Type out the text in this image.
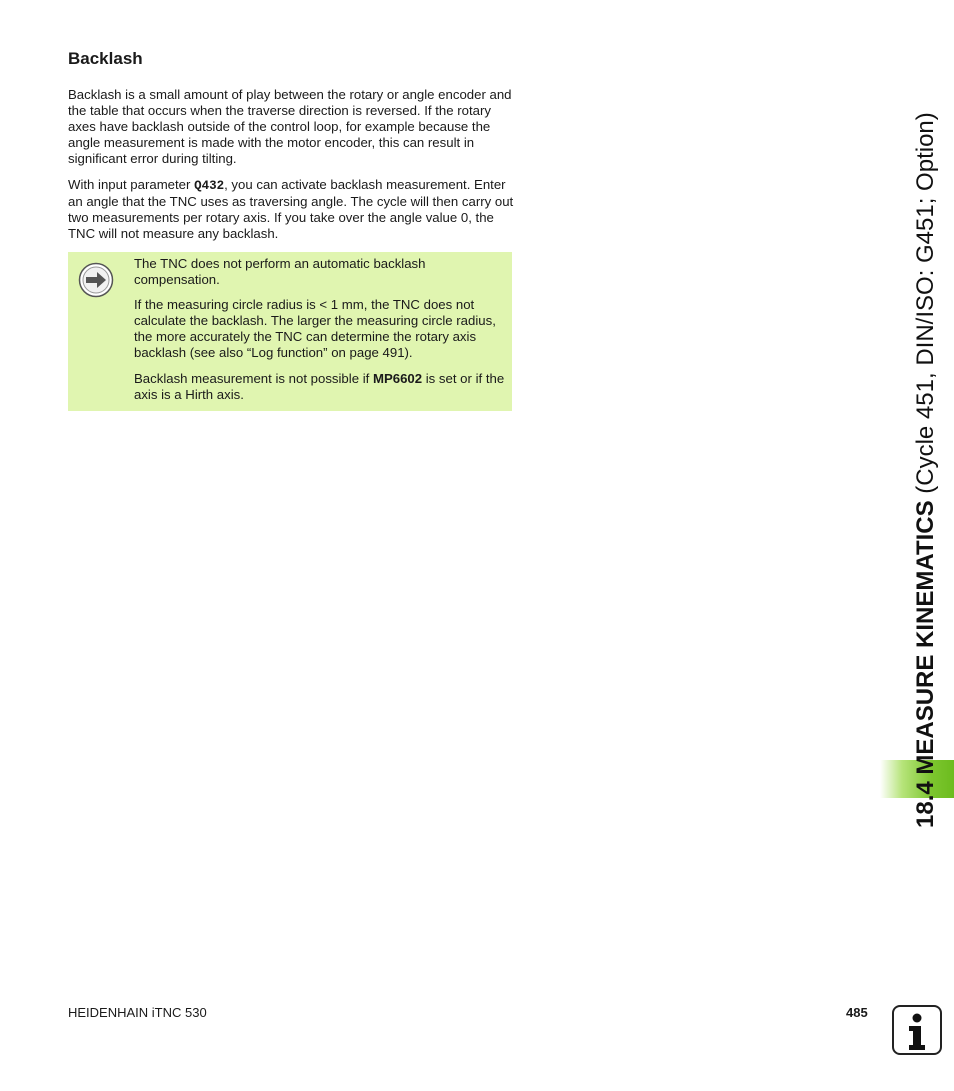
Backlash

Backlash is a small amount of play between the rotary or angle encoder and the table that occurs when the traverse direction is reversed. If the rotary axes have backlash outside of the control loop, for example because the angle measurement is made with the motor encoder, this can result in significant error during tilting.

With input parameter Q432, you can activate backlash measurement. Enter an angle that the TNC uses as traversing angle. The cycle will then carry out two measurements per rotary axis. If you take over the angle value 0, the TNC will not measure any backlash.

The TNC does not perform an automatic backlash compensation.

If the measuring circle radius is < 1 mm, the TNC does not calculate the backlash. The larger the measuring circle radius, the more accurately the TNC can determine the rotary axis backlash (see also “Log function” on page 491).

Backlash measurement is not possible if MP6602 is set or if the axis is a Hirth axis.

18.4 MEASURE KINEMATICS (Cycle 451, DIN/ISO: G451; Option)

HEIDENHAIN iTNC 530	485
